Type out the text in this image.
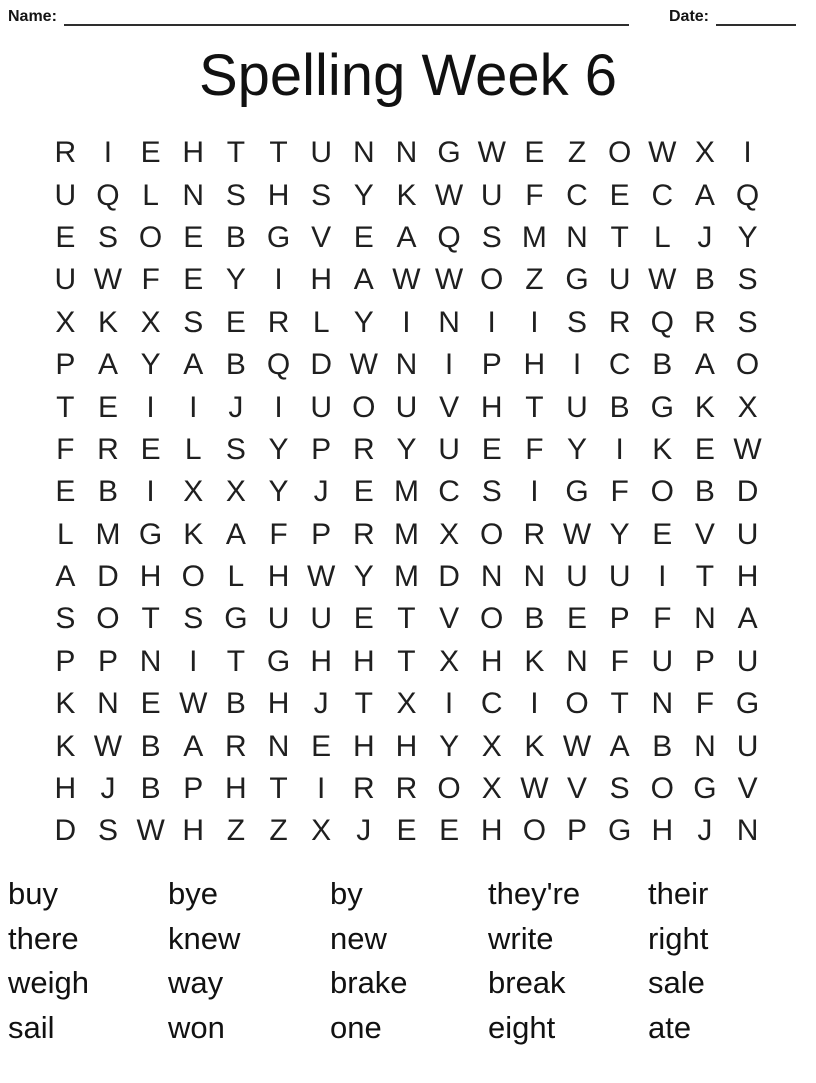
Name:	Date:
Spelling Week 6
R I E H T T U N N G W E Z O W X I
U Q L N S H S Y K W U F C E C A Q
E S O E B G V E A Q S M N T L J Y
U W F E Y I H A W W O Z G U W B S
X K X S E R L Y I N I	I S R Q R S
P A Y A B Q D W N I P H I C B A O
T E I	I	J	I U O U V H T U B G K X
F R E L S Y P R Y U E F Y I K E W
E B I X X Y J E M C S I G F O B D
L M G K A F P R M X O R W Y E V U
A D H O L H W Y M D N N U U I T H
S O T S G U U E T V O B E P F N A
P P N I T G H H T X H K N F U P U
K N E W B H J T X I C I O T N F G
K W B A R N E H H Y X K W A B N U
H J B P H T I R R O X W V S O G V
D S W H Z Z X J E E H O P G H J N
buy	bye	by	they're	their
there	knew	new	write	right
weigh	way	brake	break	sale
sail	won	one	eight	ate
